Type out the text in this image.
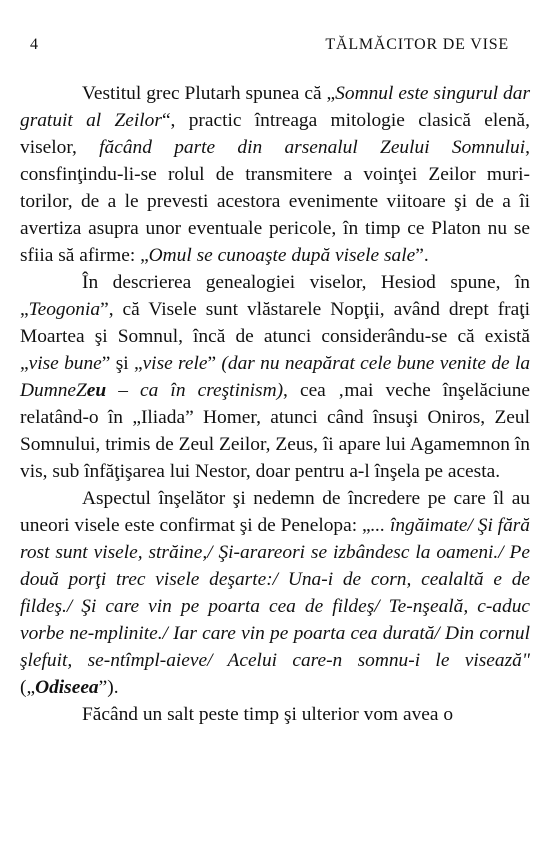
4	TĂLMĂCITOR DE VISE

Vestitul grec Plutarh spunea că „Somnul este singurul dar gratuit al Zeilor“, practic întreaga mitologie clasică elenă, viselor, făcând parte din arsenalul Zeului Somnului, consfinţindu-li-se rolul de transmitere a voinţei Zeilor muri-torilor, de a le prevesti acestora evenimente viitoare şi de a îi avertiza asupra unor eventuale pericole, în timp ce Platon nu se sfiia să afirme: „Omul se cunoaşte după visele sale”.

În descrierea genealogiei viselor, Hesiod spune, în „Teogonia”, că Visele sunt vlăstarele Nopţii, având drept fraţi Moartea şi Somnul, încă de atunci considerându-se că există „vise bune” şi „vise rele” (dar nu neapărat cele bune venite de la DumneZeu – ca în creştinism), cea ‚mai veche înşelăciune relatând-o în „Iliada” Homer, atunci când însuşi Oniros, Zeul Somnului, trimis de Zeul Zeilor, Zeus, îi apare lui Agamemnon în vis, sub înfăţişarea lui Nestor, doar pentru a-l înşela pe acesta.

Aspectul înşelător şi nedemn de încredere pe care îl au uneori visele este confirmat şi de Penelopa: „... îngăimate/ Şi fără rost sunt visele, străine,/ Şi-arareori se izbândesc la oameni./ Pe două porţi trec visele deşarte:/ Una-i de corn, cealaltă e de fildeş./ Şi care vin pe poarta cea de fildeş/ Te-nşeală, c-aduc vorbe ne-mplinite./ Iar care vin pe poarta cea durată/ Din cornul şlefuit, se-ntîmpl-aieve/ Acelui care-n somnu-i le visează" („Odiseea”).

Făcând un salt peste timp şi ulterior vom avea o
